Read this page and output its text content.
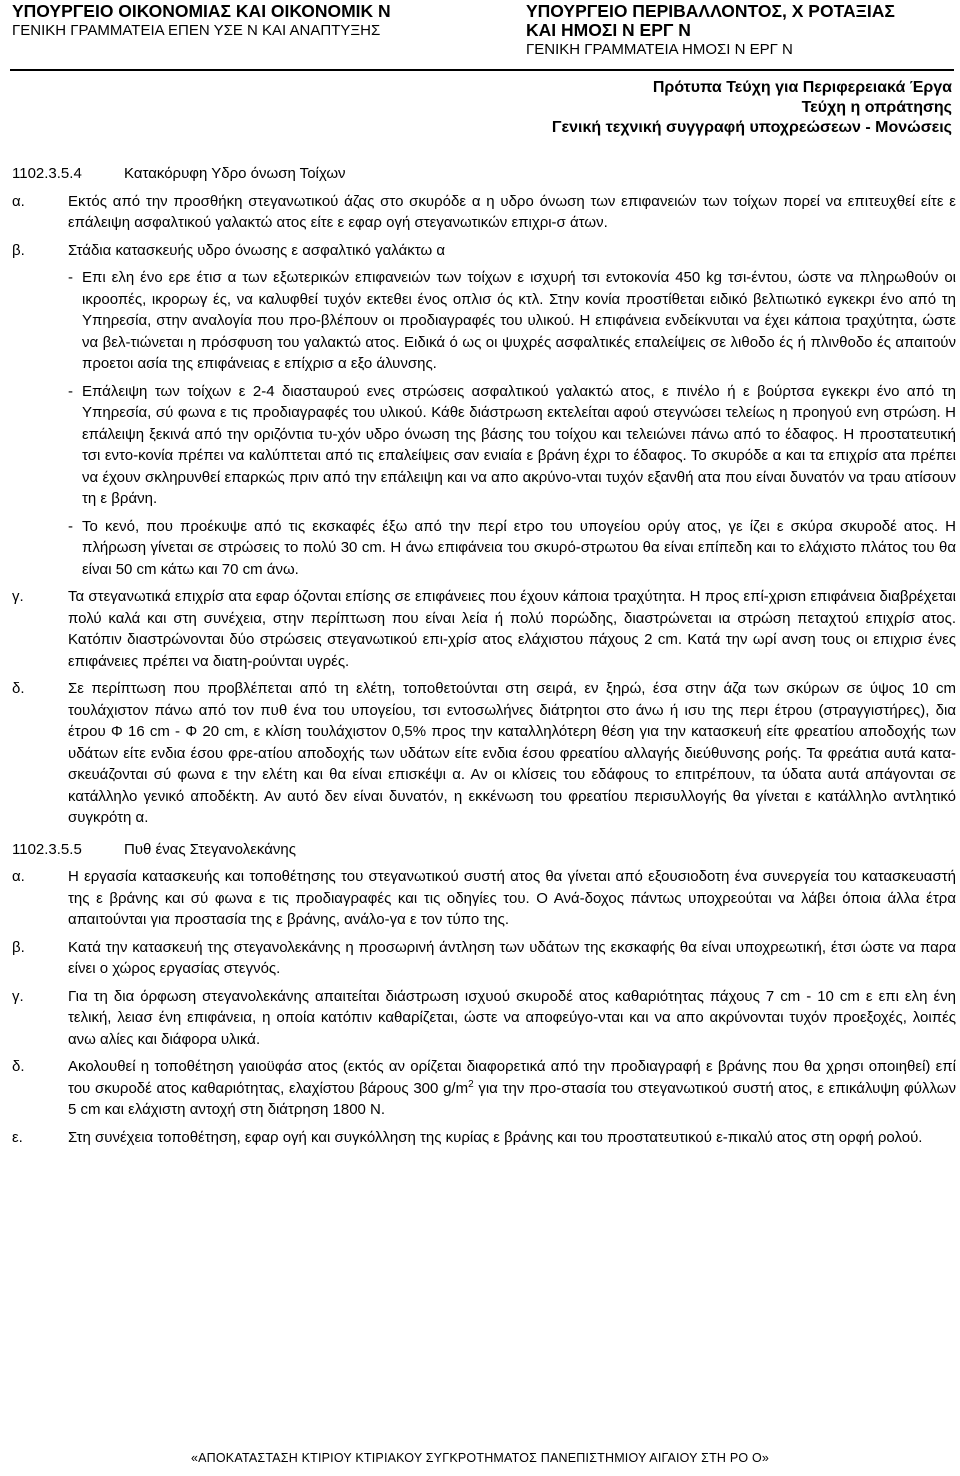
ΥΠΟΥΡΓΕΙΟ ΟΙΚΟΝΟΜΙΑΣ ΚΑΙ ΟΙΚΟΝΟΜΙΚ Ν
ΓΕΝΙΚΗ ΓΡΑΜΜΑΤΕΙΑ ΕΠΕΝ ΥΣΕ Ν ΚΑΙ ΑΝΑΠΤΥΞΗΣ
ΥΠΟΥΡΓΕΙΟ ΠΕΡΙΒΑΛΛΟΝΤΟΣ, Χ ΡΟΤΑΞΙΑΣ
ΚΑΙ ΗΜΟΣΙ Ν ΕΡΓ Ν
ΓΕΝΙΚΗ ΓΡΑΜΜΑΤΕΙΑ ΗΜΟΣΙ Ν ΕΡΓ Ν
Πρότυπα Τεύχη για Περιφερειακά Έργα
Τεύχη η οπράτησης
Γενική τεχνική συγγραφή υποχρεώσεων - Μονώσεις
1102.3.5.4	Κατακόρυφη Υδρο όνωση Τοίχων
α.	Εκτός από την προσθήκη στεγανωτικού άζας στο σκυρόδε α η υδρο όνωση των επιφανειών των τοίχων πορεί να επιτευχθεί είτε ε επάλειψη ασφαλτικού γαλακτώ ατος είτε ε εφαρ ογή στεγανωτικών επιχρι-σ άτων.
β.	Στάδια κατασκευής υδρο όνωσης ε ασφαλτικό γαλάκτω α
- Επι ελη ένο ερε έτισ α των εξωτερικών επιφανειών των τοίχων ε ισχυρή τσι εντοκονία 450 kg τσι-έντου, ώστε να πληρωθούν οι ικροοπές, ικρορωγ ές, να καλυφθεί τυχόν εκτεθει ένος οπλισ ός κτλ. Στην κονία προστίθεται ειδικό βελτιωτικό εγκεκρι ένο από τη Υπηρεσία, στην αναλογία που προ-βλέπουν οι προδιαγραφές του υλικού. Η επιφάνεια ενδείκνυται να έχει κάποια τραχύτητα, ώστε να βελ-τιώνεται η πρόσφυση του γαλακτώ ατος. Ειδικά ό ως οι ψυχρές ασφαλτικές επαλείψεις σε λιθοδο ές ή πλινθοδο ές απαιτούν προετοι ασία της επιφάνειας ε επίχρισ α εξο άλυνσης.
- Επάλειψη των τοίχων ε 2-4 διασταυρού ενες στρώσεις ασφαλτικού γαλακτώ ατος, ε πινέλο ή ε βούρτσα εγκεκρι ένο από τη Υπηρεσία, σύ φωνα ε τις προδιαγραφές του υλικού. Κάθε διάστρωση εκτελείται αφού στεγνώσει τελείως η προηγού ενη στρώση. Η επάλειψη ξεκινά από την οριζόντια τυ-χόν υδρο όνωση της βάσης του τοίχου και τελειώνει πάνω από το έδαφος. Η προστατευτική τσι εντο-κονία πρέπει να καλύπτεται από τις επαλείψεις σαν ενιαία ε βράνη έχρι το έδαφος. Το σκυρόδε α και τα επιχρίσ ατα πρέπει να έχουν σκληρυνθεί επαρκώς πριν από την επάλειψη και να απο ακρύνο-νται τυχόν εξανθή ατα που είναι δυνατόν να τραυ ατίσουν τη ε βράνη.
- Το κενό, που προέκυψε από τις εκσκαφές έξω από την περί ετρο του υπογείου ορύγ ατος, γε ίζει ε σκύρα σκυροδέ ατος. Η πλήρωση γίνεται σε στρώσεις το πολύ 30 cm. Η άνω επιφάνεια του σκυρό-στρωτου θα είναι επίπεδη και το ελάχιστο πλάτος του θα είναι 50 cm κάτω και 70 cm άνω.
γ.	Τα στεγανωτικά επιχρίσ ατα εφαρ όζονται επίσης σε επιφάνειες που έχουν κάποια τραχύτητα. Η προς επί-χρισn επιφάνεια διαβρέχεται πολύ καλά και στη συνέχεια, στην περίπτωση που είναι λεία ή πολύ πορώδης, διαστρώνεται ια στρώση πεταχτού επιχρίσ ατος. Κατόπιν διαστρώνονται δύο στρώσεις στεγανωτικού επι-χρίσ ατος ελάχιστου πάχους 2 cm. Κατά την ωρί ανση τους οι επιχρισ ένες επιφάνειες πρέπει να διατη-ρούνται υγρές.
δ.	Σε περίπτωση που προβλέπεται από τη ελέτη, τοποθετούνται στη σειρά, εν ξηρώ, έσα στην άζα των σκύρων σε ύψος 10 cm τουλάχιστον πάνω από τον πυθ ένα του υπογείου, τσι εντοσωλήνες διάτρητοι στο άνω ή ισυ της περι έτρου (στραγγιστήρες), δια έτρου Φ 16 cm - Φ 20 cm, ε κλίση τουλάχιστον 0,5% προς την καταλληλότερη θέση για την κατασκευή είτε φρεατίου αποδοχής των υδάτων είτε ενδια έσου φρε-ατίου αποδοχής των υδάτων είτε ενδια έσου φρεατίου αλλαγής διεύθυνσης ροής. Τα φρεάτια αυτά κατα-σκευάζονται σύ φωνα ε την ελέτη και θα είναι επισκέψι α. Αν οι κλίσεις του εδάφους το επιτρέπουν, τα ύδατα αυτά απάγονται σε κατάλληλο γενικό αποδέκτη. Αν αυτό δεν είναι δυνατόν, η εκκένωση του φρεατίου περισυλλογής θα γίνεται ε κατάλληλο αντλητικό συγκρότη α.
1102.3.5.5	Πυθ ένας Στεγανολεκάνης
α.	Η εργασία κατασκευής και τοποθέτησης του στεγανωτικού συστή ατος θα γίνεται από εξουσιοδοτη ένα συνεργεία του κατασκευαστή της ε βράνης και σύ φωνα ε τις προδιαγραφές και τις οδηγίες του. Ο Ανά-δοχος πάντως υποχρεούται να λάβει όποια άλλα έτρα απαιτούνται για προστασία της ε βράνης, ανάλο-γα ε τον τύπο της.
β.	Κατά την κατασκευή της στεγανολεκάνης η προσωρινή άντληση των υδάτων της εκσκαφής θα είναι υποχρεωτική, έτσι ώστε να παρα είνει ο χώρος εργασίας στεγνός.
γ.	Για τη δια όρφωση στεγανολεκάνης απαιτείται διάστρωση ισχυού σκυροδέ ατος καθαριότητας πάχους 7 cm - 10 cm ε επι ελη ένη τελική, λειασ ένη επιφάνεια, η οποία κατόπιν καθαρίζεται, ώστε να αποφεύγο-νται και να απο ακρύνονται τυχόν προεξοχές, λοιπές ανω αλίες και διάφορα υλικά.
δ.	Ακολουθεί η τοποθέτηση γαιοϋφάσ ατος (εκτός αν ορίζεται διαφορετικά από την προδιαγραφή ε βράνης που θα χρησι οποιηθεί) επί του σκυροδέ ατος καθαριότητας, ελαχίστου βάρους 300 $g/m^2$ για την προ-στασία του στεγανωτικού συστή ατος, ε επικάλυψη φύλλων 5 cm και ελάχιστη αντοχή στη διάτρηση 1800 N.
ε.	Στη συνέχεια τοποθέτηση, εφαρ ογή και συγκόλληση της κυρίας ε βράνης και του προστατευτικού ε-πικαλύ ατος στη ορφή ρολού.
«ΑΠΟΚΑΤΑΣΤΑΣΗ ΚΤΙΡΙΟΥ ΚΤΙΡΙΑΚΟΥ ΣΥΓΚΡΟΤΗΜΑΤΟΣ ΠΑΝΕΠΙΣΤΗΜΙΟΥ ΑΙΓΑΙΟΥ ΣΤΗ ΡΟ Ο»
